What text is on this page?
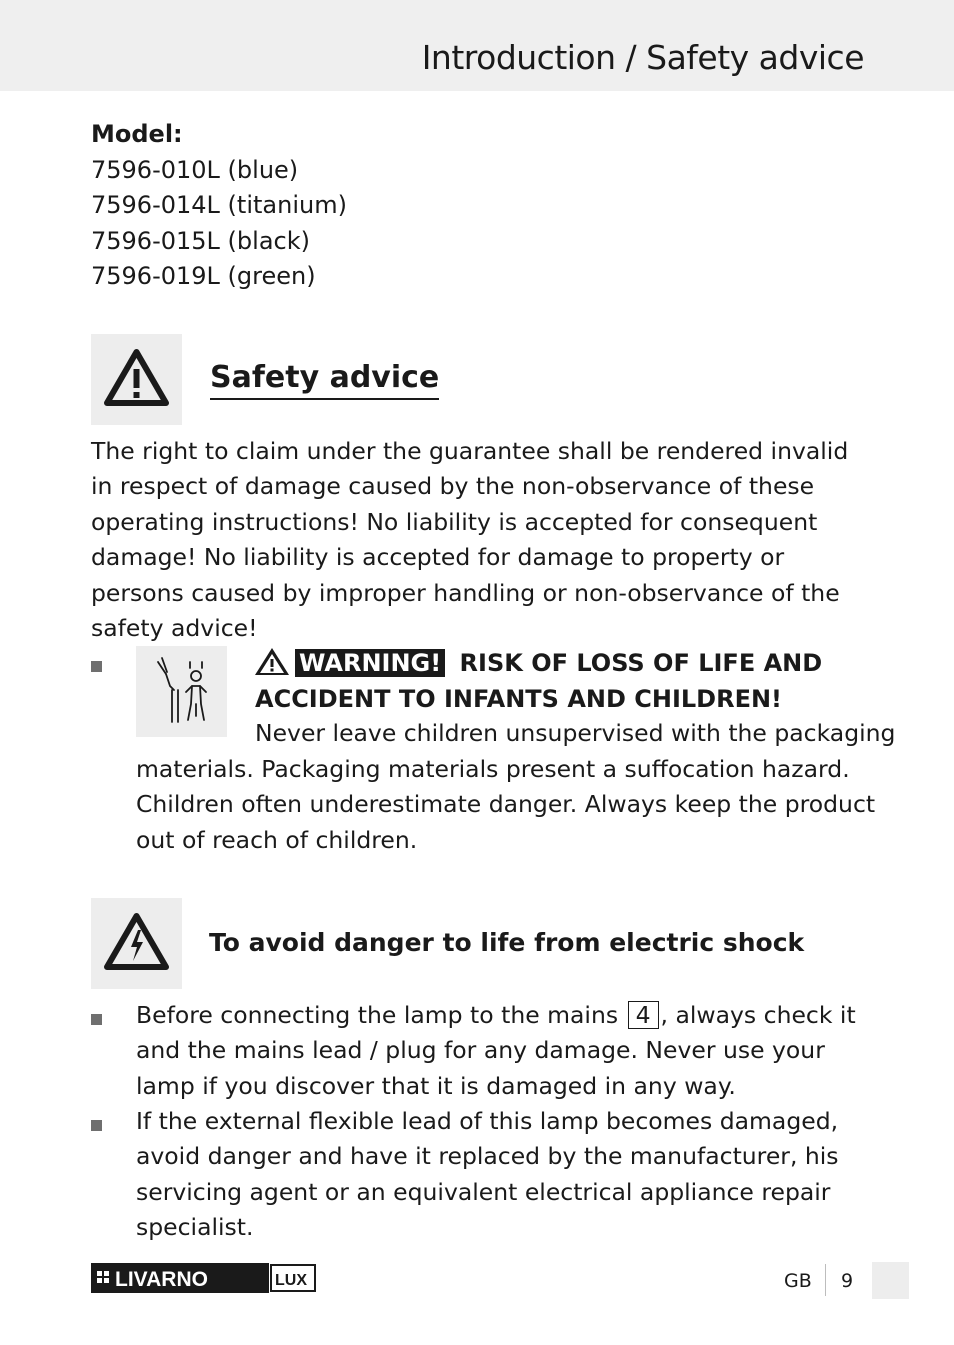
Introduction / Safety advice
Model:
7596-010L (blue)
7596-014L (titanium)
7596-015L (black)
7596-019L (green)
Safety advice

The right to claim under the guarantee shall be rendered invalid in respect of damage caused by the non-observance of these operating instructions! No liability is accepted for consequent damage! No liability is accepted for damage to property or persons caused by improper handling or non-observance of the safety advice!

WARNING! RISK OF LOSS OF LIFE AND ACCIDENT TO INFANTS AND CHILDREN!

Never leave children unsupervised with the packaging

materials. Packaging materials present a suffocation hazard. Children often underestimate danger. Always keep the product out of reach of children.

To avoid danger to life from electric shock

Before connecting the lamp to the mains 4 , always check it and the mains lead / plug for any damage. Never use your lamp if you discover that it is damaged in any way.

If the external flexible lead of this lamp becomes damaged, avoid danger and have it replaced by the manufacturer, his servicing agent or an equivalent electrical appliance repair specialist.

LIVARNO	LUX	GB 9
